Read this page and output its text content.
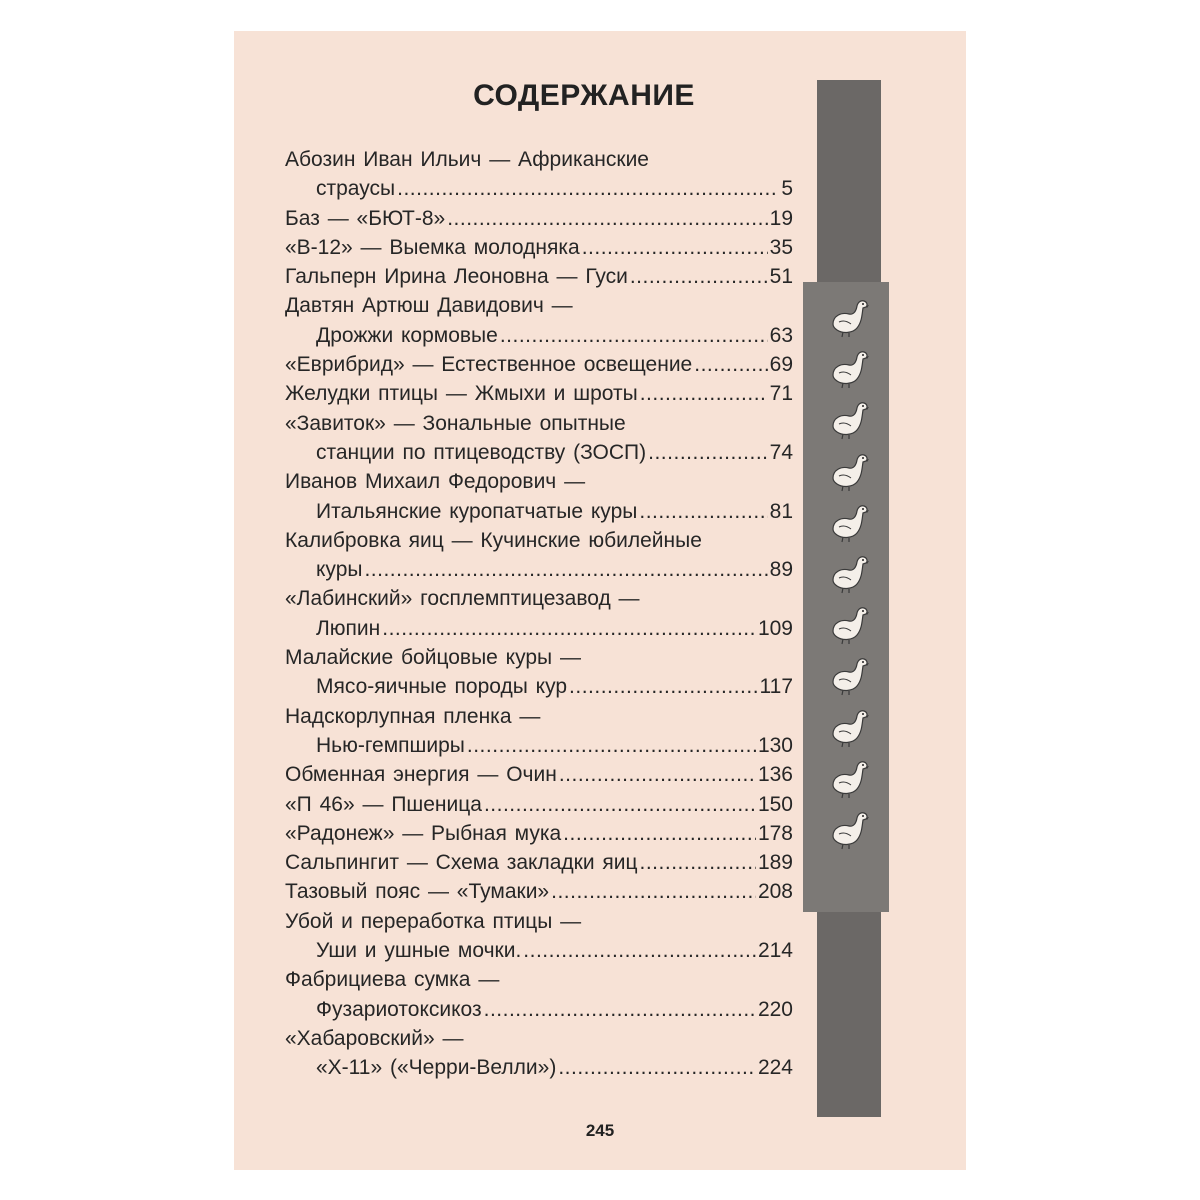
СОДЕРЖАНИЕ
Абозин Иван Ильич — Африканские
страусы .....	5
Баз — «БЮТ-8» .....	19
«В-12» — Выемка молодняка .....	35
Гальперн Ирина Леоновна — Гуси .....	51
Давтян Артюш Давидович —
Дрожжи кормовые .....	63
«Еврибрид» — Естественное освещение .....	69
Желудки птицы — Жмыхи и шроты .....	71
«Завиток» — Зональные опытные
станции по птицеводству (ЗОСП) .....	74
Иванов Михаил Федорович —
Итальянские куропатчатые куры .....	81
Калибровка яиц — Кучинские юбилейные
куры .....	89
«Лабинский» госплемптицезавод —
Люпин .....	109
Малайские бойцовые куры —
Мясо-яичные породы кур .....	117
Надскорлупная пленка —
Нью-гемпширы .....	130
Обменная энергия — Очин .....	136
«П 46» — Пшеница .....	150
«Радонеж» — Рыбная мука .....	178
Сальпингит — Схема закладки яиц .....	189
Тазовый пояс — «Тумаки» .....	208
Убой и переработка птицы —
Уши и ушные мочки. .....	214
Фабрициева сумка —
Фузариотоксикоз .....	220
«Хабаровский» —
«Х-11» («Черри-Велли») .....	224
245
